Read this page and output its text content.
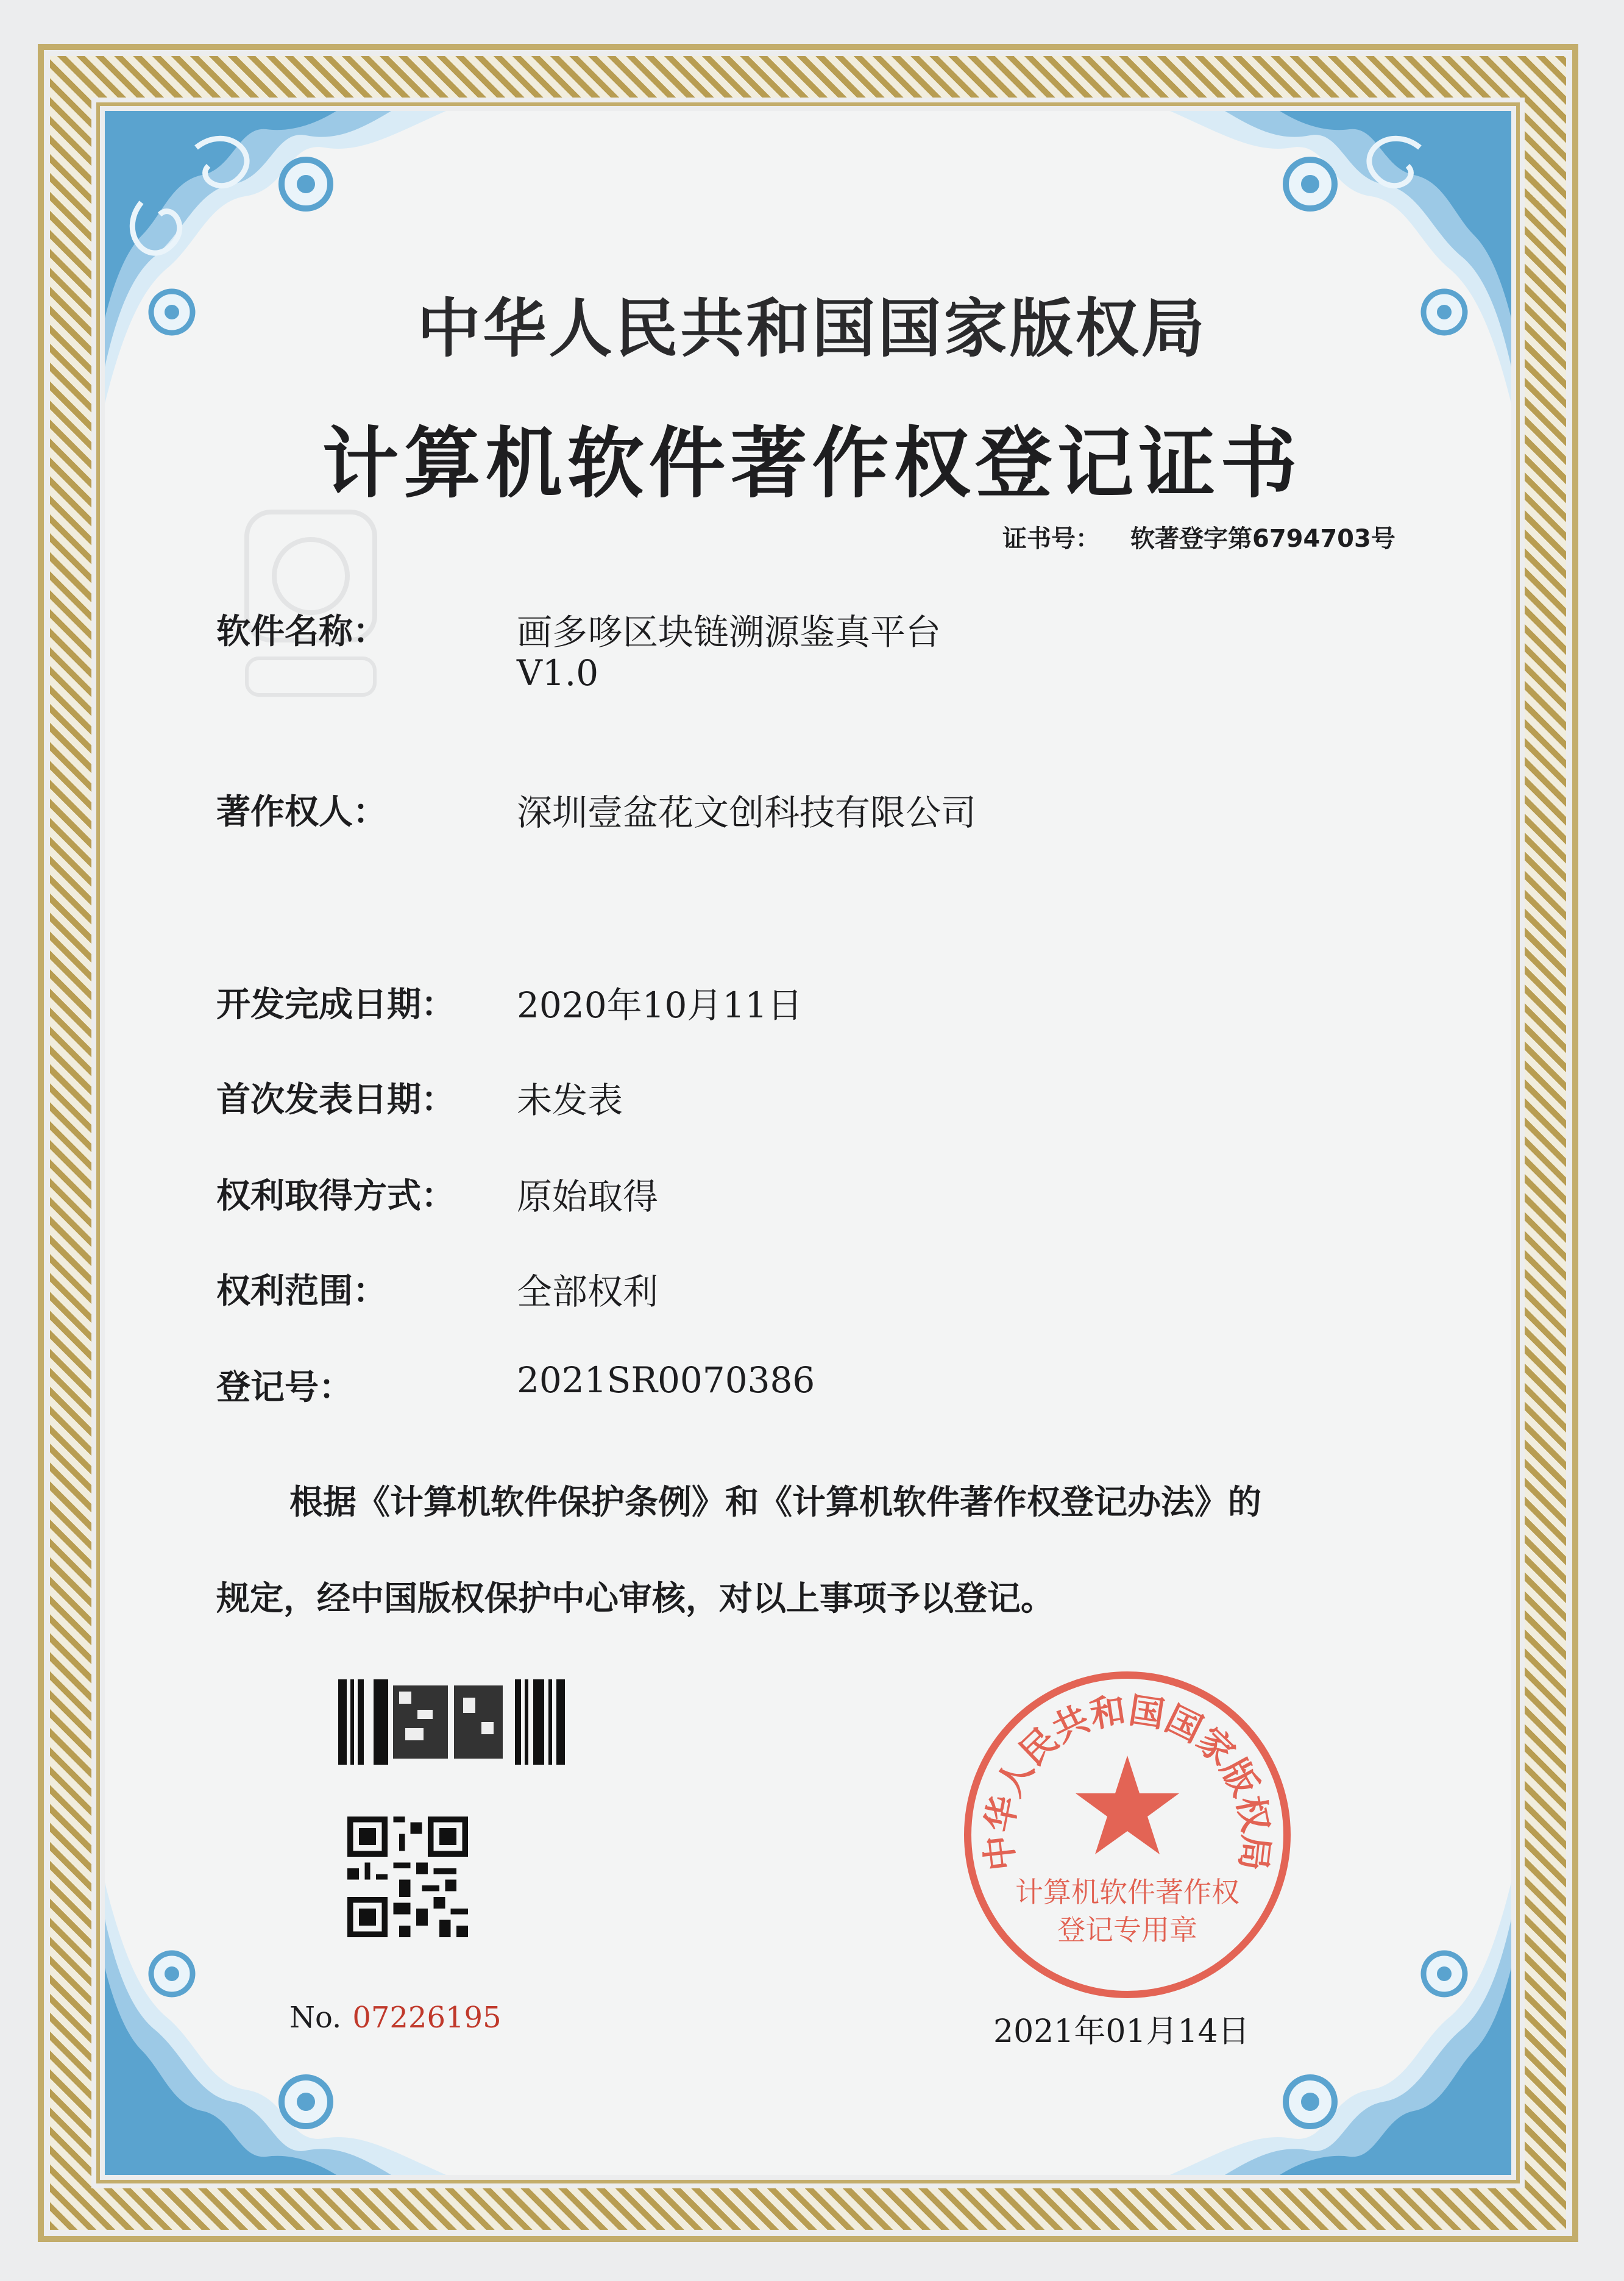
中华人民共和国国家版权局
计算机软件著作权登记证书
证书号： 软著登字第6794703号
软件名称：	画多哆区块链溯源鉴真平台
V1.0
著作权人：	深圳壹盆花文创科技有限公司
开发完成日期：	2020年10月11日
首次发表日期：	未发表
权利取得方式：	原始取得
权利范围：	全部权利
登记号：	2021SR0070386
根据《计算机软件保护条例》和《计算机软件著作权登记办法》的
规定，经中国版权保护中心审核，对以上事项予以登记。
No. 07226195	2021年01月14日
中华人民共和国国家版权局
计算机软件著作权
登记专用章
